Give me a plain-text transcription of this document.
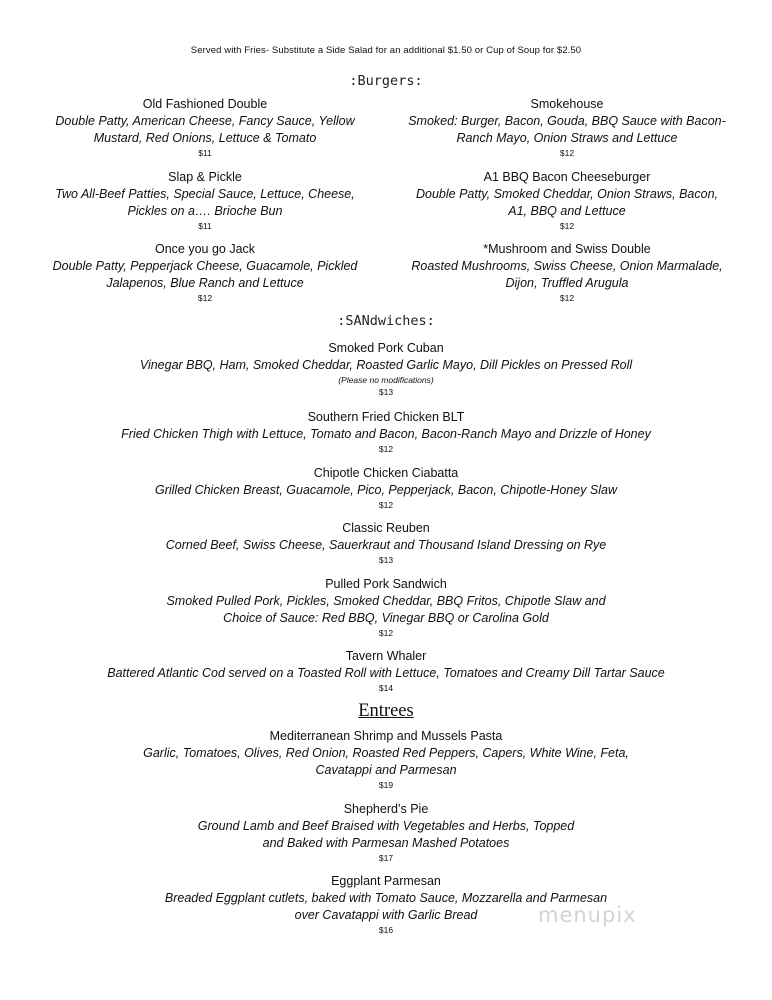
Served with Fries- Substitute a Side Salad for an additional $1.50 or Cup of Soup for $2.50
:Burgers:
Old Fashioned Double
Double Patty, American Cheese, Fancy Sauce, Yellow
Mustard, Red Onions, Lettuce & Tomato
$11
Slap & Pickle
Two All-Beef Patties, Special Sauce, Lettuce, Cheese,
Pickles on a…. Brioche Bun
$11
Once you go Jack
Double Patty, Pepperjack Cheese, Guacamole, Pickled
Jalapenos, Blue Ranch and Lettuce
$12
Smokehouse
Smoked: Burger, Bacon, Gouda, BBQ Sauce with Bacon-
Ranch Mayo, Onion Straws and Lettuce
$12
A1 BBQ Bacon Cheeseburger
Double Patty, Smoked Cheddar, Onion Straws, Bacon,
A1, BBQ and Lettuce
$12
*Mushroom and Swiss Double
Roasted Mushrooms, Swiss Cheese, Onion Marmalade,
Dijon, Truffled Arugula
$12
:SANdwiches:
Smoked Pork Cuban
Vinegar BBQ, Ham, Smoked Cheddar, Roasted Garlic Mayo, Dill Pickles on Pressed Roll
(Please no modifications)
$13
Southern Fried Chicken BLT
Fried Chicken Thigh with Lettuce, Tomato and Bacon, Bacon-Ranch Mayo and Drizzle of Honey
$12
Chipotle Chicken Ciabatta
Grilled Chicken Breast, Guacamole, Pico, Pepperjack, Bacon, Chipotle-Honey Slaw
$12
Classic Reuben
Corned Beef, Swiss Cheese, Sauerkraut and Thousand Island Dressing on Rye
$13
Pulled Pork Sandwich
Smoked Pulled Pork, Pickles, Smoked Cheddar, BBQ Fritos, Chipotle Slaw and
Choice of Sauce: Red BBQ, Vinegar BBQ or Carolina Gold
$12
Tavern Whaler
Battered Atlantic Cod served on a Toasted Roll with Lettuce, Tomatoes and Creamy Dill Tartar Sauce
$14
Entrees
Mediterranean Shrimp and Mussels Pasta
Garlic, Tomatoes, Olives, Red Onion, Roasted Red Peppers, Capers, White Wine, Feta,
Cavatappi and Parmesan
$19
Shepherd’s Pie
Ground Lamb and Beef Braised with Vegetables and Herbs, Topped
and Baked with Parmesan Mashed Potatoes
$17
Eggplant Parmesan
Breaded Eggplant cutlets, baked with Tomato Sauce, Mozzarella and Parmesan
over Cavatappi with Garlic Bread
$16
menupix
